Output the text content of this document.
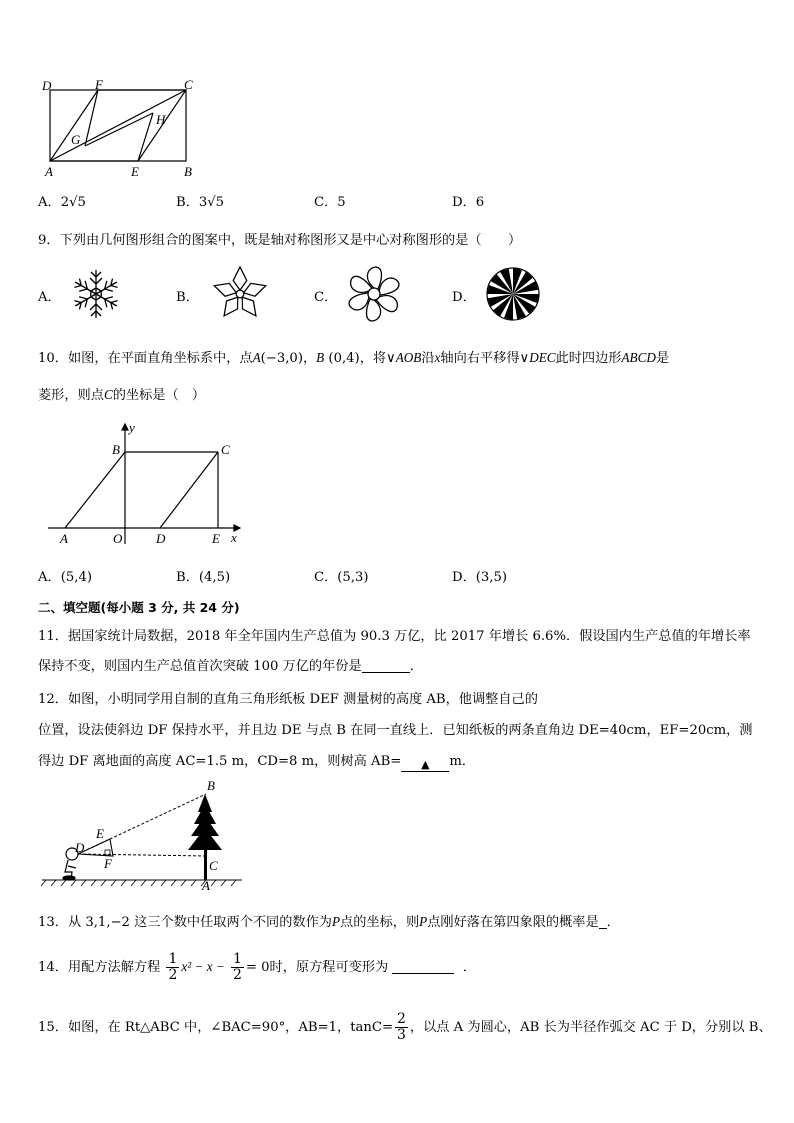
D	F	C
G
H
A	E	B
A．2√5	B．3√5	C．5	D．6
9．下列由几何图形组合的图案中，既是轴对称图形又是中心对称图形的是（　　）
A．	B．	C．	D．
10．如图，在平面直角坐标系中，点A(−3,0)，B (0,4)，将∨AOB沿x轴向右平移得∨DEC此时四边形ABCD是
菱形，则点C的坐标是（　）
y
B	C
A	O	D	E x
A．(5,4)	B．(4,5)	C．(5,3)	D．(3,5)
二、填空题(每小题 3 分, 共 24 分)
11．据国家统计局数据，2018 年全年国内生产总值为 90.3 万亿，比 2017 年增长 6.6%．假设国内生产总值的年增长率
保持不变，则国内生产总值首次突破 100 万亿的年份是	．
12．如图，小明同学用自制的直角三角形纸板 DEF 测量树的高度 AB，他调整自己的
位置，设法使斜边 DF 保持水平，并且边 DE 与点 B 在同一直线上．已知纸板的两条直角边 DE=40cm，EF=20cm，测
得边 DF 离地面的高度 AC=1.5 m，CD=8 m，则树高 AB= ▲ m．
B
E
D
F	C
A
13．从 3,1,−2 这三个数中任取两个不同的数作为P点的坐标，则P点刚好落在第四象限的概率是 ．
14．用配方法解方程 $\frac{1}{2} x^2 - x - \frac{1}{2} = 0$时，原方程可变形为	．
15．如图，在 Rt△ABC 中，∠BAC=90°，AB=1，$\tan C= \frac{2}{3}$ ，以点 A 为圆心，AB 长为半径作弧交 AC 于 D，分别以 B、
